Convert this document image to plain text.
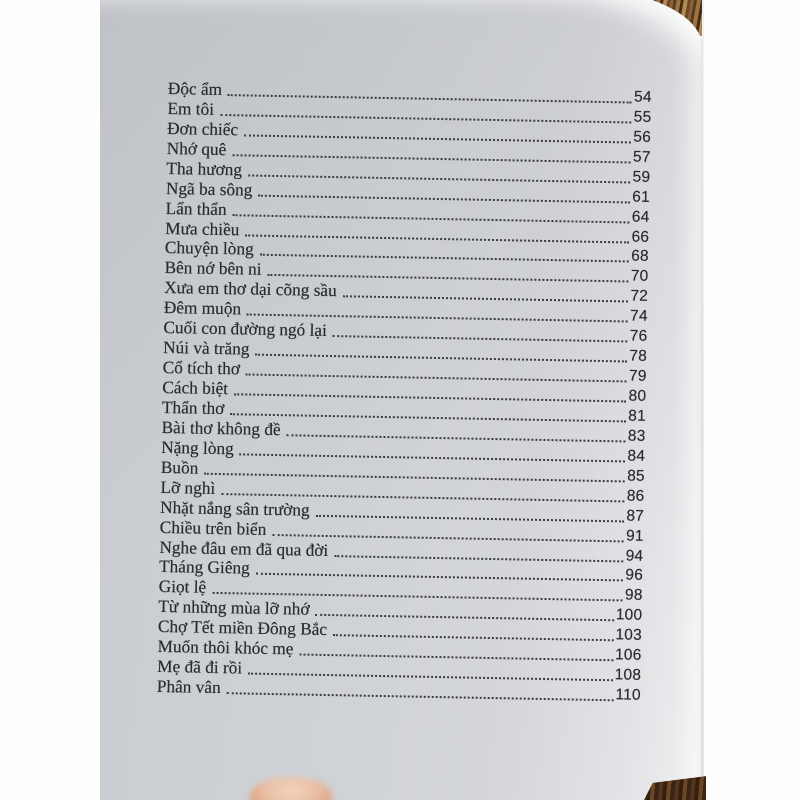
Độc ẩm	54
Em tôi	55
Đơn chiếc	56
Nhớ quê	57
Tha hương	59
Ngã ba sông	61
Lẩn thẩn	64
Mưa chiều	66
Chuyện lòng	68
Bên nớ bên ni	70
Xưa em thơ dại cõng sầu	72
Đêm muộn	74
Cuối con đường ngó lại	76
Núi và trăng	78
Cổ tích thơ	79
Cách biệt	80
Thẩn thơ	81
Bài thơ không đề	83
Nặng lòng	84
Buồn	85
Lỡ nghì	86
Nhặt nắng sân trường	87
Chiều trên biển	91
Nghe đâu em đã qua đời	94
Tháng Giêng	96
Giọt lệ	98
Từ những mùa lỡ nhớ	100
Chợ Tết miền Đông Bắc	103
Muốn thôi khóc mẹ	106
Mẹ đã đi rồi	108
Phân vân	110
